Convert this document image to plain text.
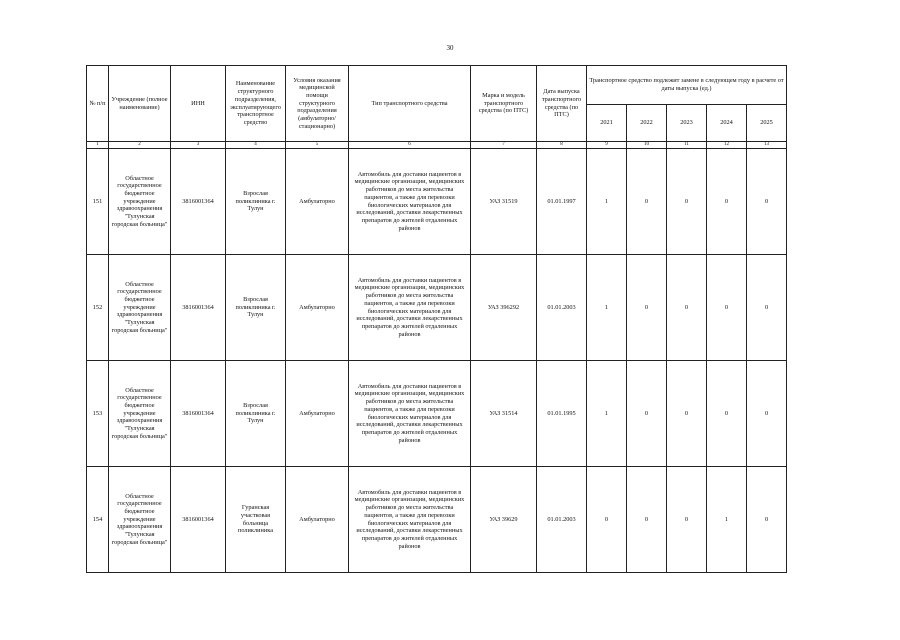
30
№ п/п	Учреждение (полное наименование)	ИНН	Наименование структурного подразделения, эксплуатирующего транспортное средство	Условия оказания медицинской помощи структурного подразделения (амбулаторно/ стационарно)	Тип транспортного средства	Марка и модель транспортного средства (по ПТС)	Дата выпуска транспортного средства (по ПТС)	Транспортное средство подлежит замене в следующем году в расчете от даты выпуска (ед.)				
								2021	2022	2023	2024	2025
1	2	3	4	5	6	7	8	9	10	11	12	13
151	Областное государственное бюджетное учреждение здравоохранения "Тулунская городская больница"	3816001364	Взрослая поликлиника г. Тулун	Амбулаторно	Автомобиль для доставки пациентов в медицинские организации, медицинских работников до места жительства пациентов, а также для перевозки биологических материалов для исследований, доставки лекарственных препаратов до жителей отдаленных районов	УАЗ 31519	01.01.1997	1	0	0	0	0
152	Областное государственное бюджетное учреждение здравоохранения "Тулунская городская больница"	3816001364	Взрослая поликлиника г. Тулун	Амбулаторно	Автомобиль для доставки пациентов в медицинские организации, медицинских работников до места жительства пациентов, а также для перевозки биологических материалов для исследований, доставки лекарственных препаратов до жителей отдаленных районов	УАЗ 396292	01.01.2003	1	0	0	0	0
153	Областное государственное бюджетное учреждение здравоохранения "Тулунская городская больница"	3816001364	Взрослая поликлиника г. Тулун	Амбулаторно	Автомобиль для доставки пациентов в медицинские организации, медицинских работников до места жительства пациентов, а также для перевозки биологических материалов для исследований, доставки лекарственных препаратов до жителей отдаленных районов	УАЗ 31514	01.01.1995	1	0	0	0	0
154	Областное государственное бюджетное учреждение здравоохранения "Тулунская городская больница"	3816001364	Гуранская участковая больница поликлиника	Амбулаторно	Автомобиль для доставки пациентов в медицинские организации, медицинских работников до места жительства пациентов, а также для перевозки биологических материалов для исследований, доставки лекарственных препаратов до жителей отдаленных районов	УАЗ 39629	01.01.2003	0	0	0	1	0
